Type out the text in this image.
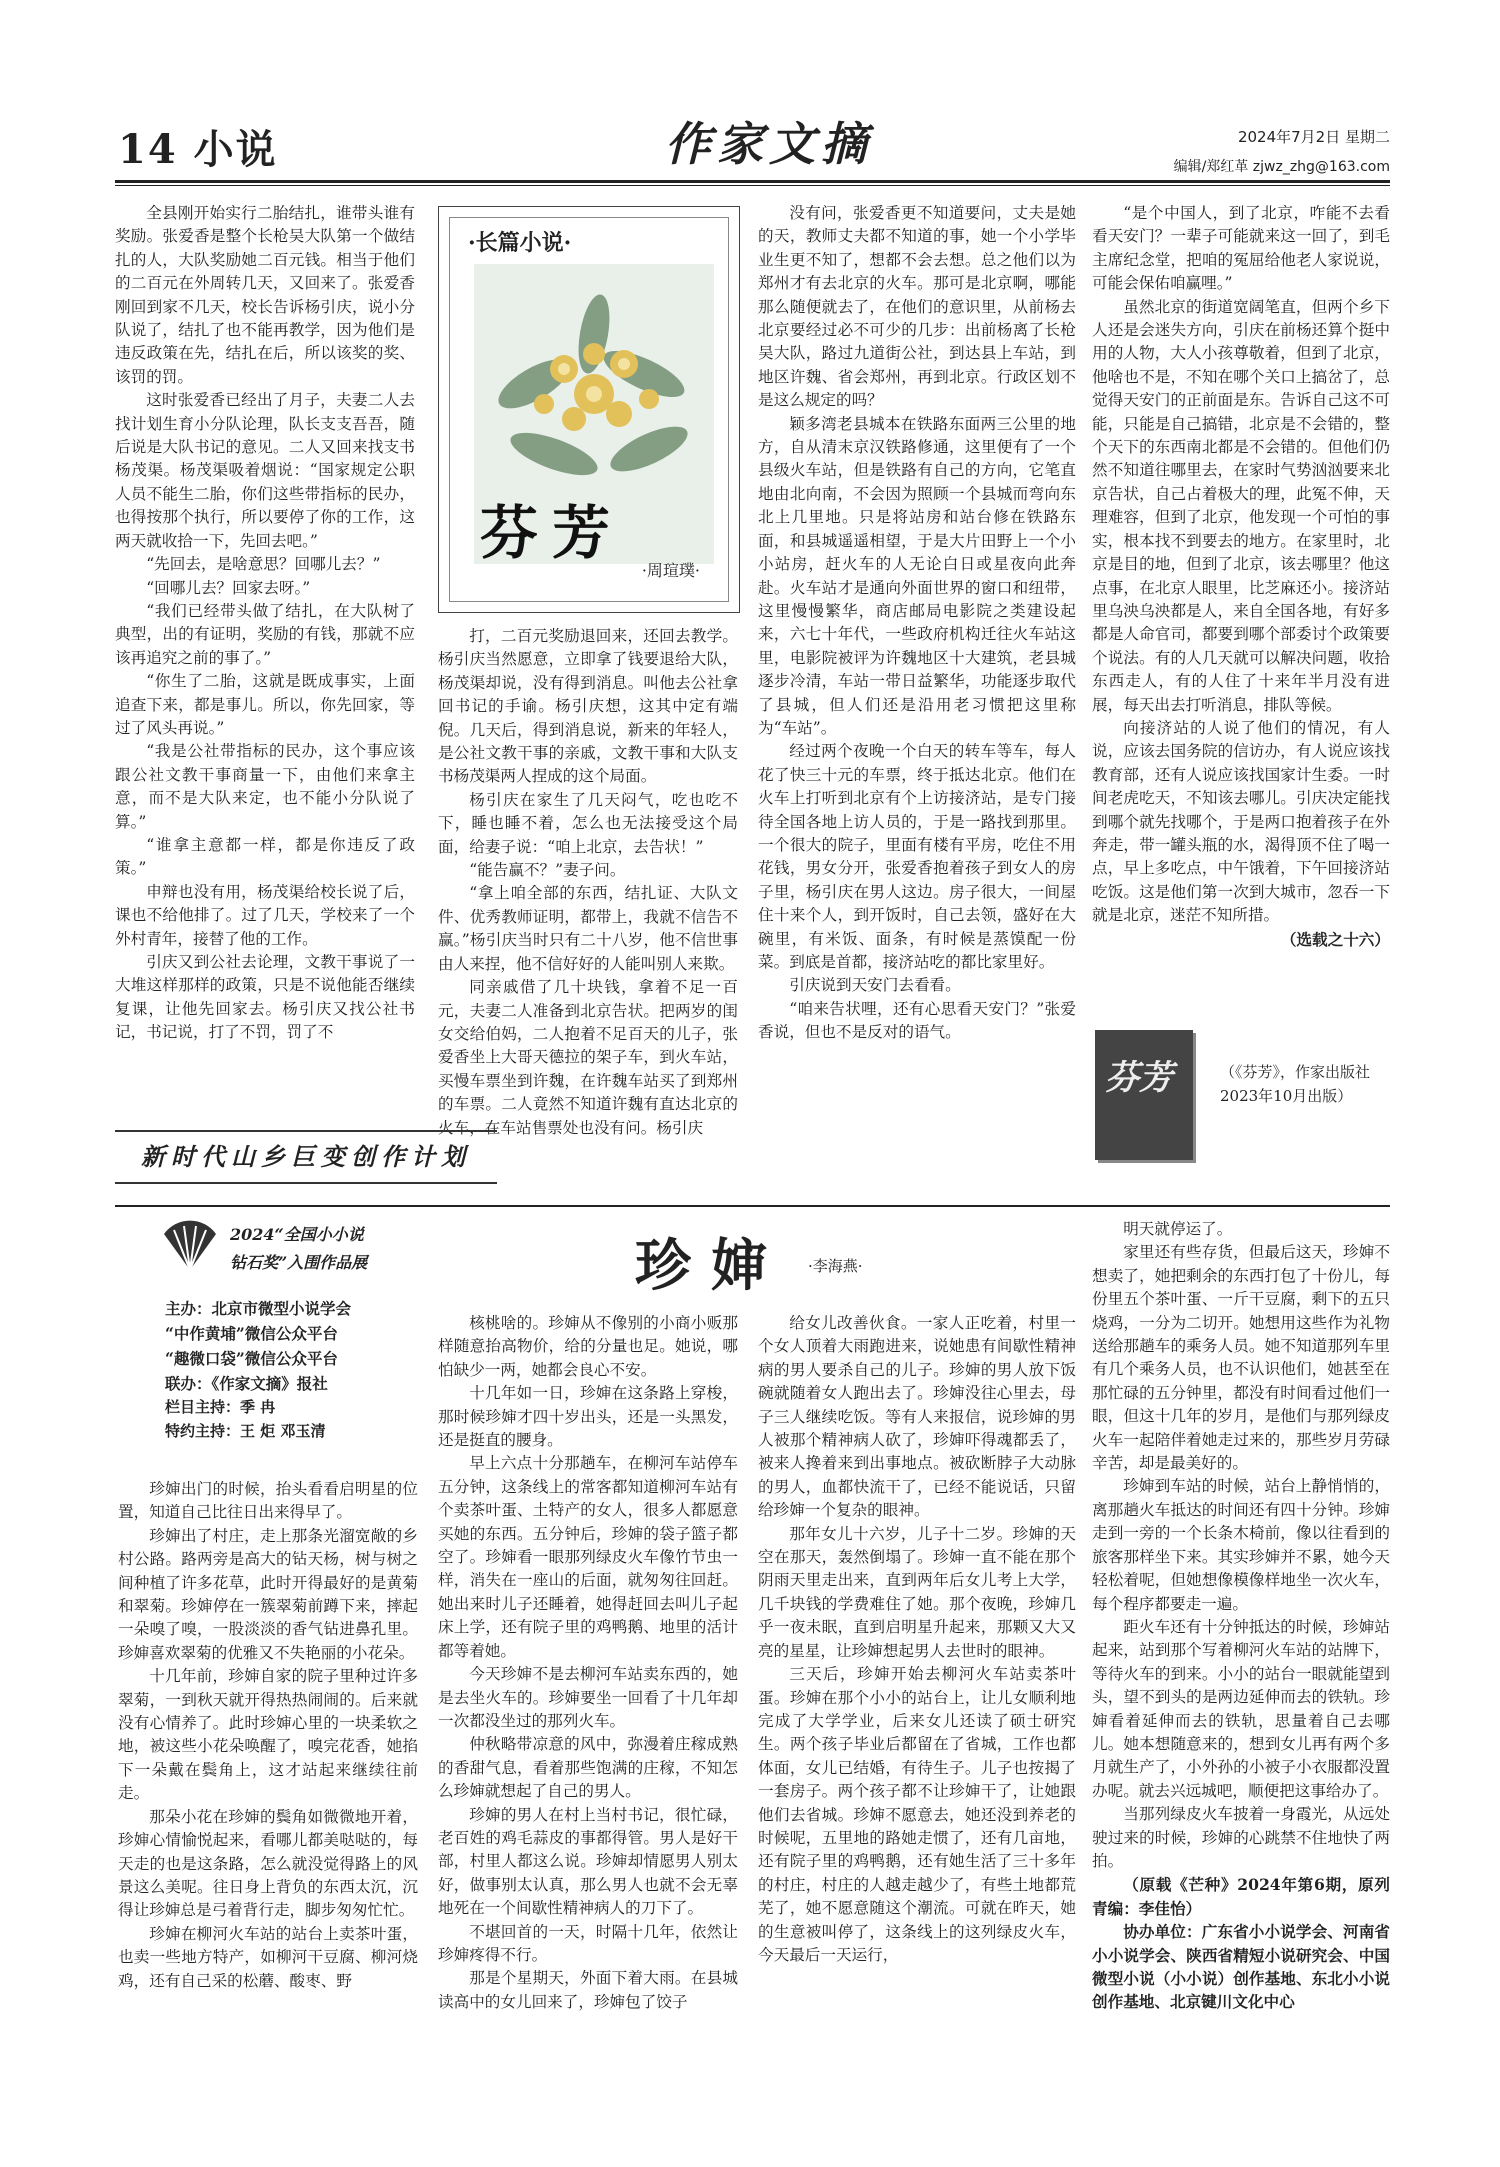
14 小说	作家文摘	2024年7月2日 星期二
编辑/郑红革 zjwz_zhg@163.com

全县刚开始实行二胎结扎，谁带头谁有奖励。张爱香是整个长枪吴大队第一个做结扎的人，大队奖励她二百元钱。相当于他们的二百元在外周转几天，又回来了。张爱香刚回到家不几天，校长告诉杨引庆，说小分队说了，结扎了也不能再教学，因为他们是违反政策在先，结扎在后，所以该奖的奖、该罚的罚。

这时张爱香已经出了月子，夫妻二人去找计划生育小分队论理，队长支支吾吾，随后说是大队书记的意见。二人又回来找支书杨茂渠。杨茂渠吸着烟说：“国家规定公职人员不能生二胎，你们这些带指标的民办，也得按那个执行，所以要停了你的工作，这两天就收拾一下，先回去吧。”

“先回去，是啥意思？回哪儿去？”

“回哪儿去？回家去呀。”

“我们已经带头做了结扎，在大队树了典型，出的有证明，奖励的有钱，那就不应该再追究之前的事了。”

“你生了二胎，这就是既成事实，上面追查下来，都是事儿。所以，你先回家，等过了风头再说。”

“我是公社带指标的民办，这个事应该跟公社文教干事商量一下，由他们来拿主意，而不是大队来定，也不能小分队说了算。”

“谁拿主意都一样，都是你违反了政策。”

申辩也没有用，杨茂渠给校长说了后，课也不给他排了。过了几天，学校来了一个外村青年，接替了他的工作。

引庆又到公社去论理，文教干事说了一大堆这样那样的政策，只是不说他能否继续复课，让他先回家去。杨引庆又找公社书记，书记说，打了不罚，罚了不

·长篇小说·
芬芳
·周瑄璞·

打，二百元奖励退回来，还回去教学。杨引庆当然愿意，立即拿了钱要退给大队，杨茂渠却说，没有得到消息。叫他去公社拿回书记的手谕。杨引庆想，这其中定有端倪。几天后，得到消息说，新来的年轻人，是公社文教干事的亲戚，文教干事和大队支书杨茂渠两人捏成的这个局面。

杨引庆在家生了几天闷气，吃也吃不下，睡也睡不着，怎么也无法接受这个局面，给妻子说：“咱上北京，去告状！”

“能告赢不？”妻子问。

“拿上咱全部的东西，结扎证、大队文件、优秀教师证明，都带上，我就不信告不赢。”杨引庆当时只有二十八岁，他不信世事由人来捏，他不信好好的人能叫别人来欺。

同亲戚借了几十块钱，拿着不足一百元，夫妻二人准备到北京告状。把两岁的闺女交给伯妈，二人抱着不足百天的儿子，张爱香坐上大哥天德拉的架子车，到火车站，买慢车票坐到许魏，在许魏车站买了到郑州的车票。二人竟然不知道许魏有直达北京的火车，在车站售票处也没有问。杨引庆

没有问，张爱香更不知道要问，丈夫是她的天，教师丈夫都不知道的事，她一个小学毕业生更不知了，想都不会去想。总之他们以为郑州才有去北京的火车。那可是北京啊，哪能那么随便就去了，在他们的意识里，从前杨去北京要经过必不可少的几步：出前杨离了长枪吴大队，路过九道街公社，到达县上车站，到地区许魏、省会郑州，再到北京。行政区划不是这么规定的吗？

颖多湾老县城本在铁路东面两三公里的地方，自从清末京汉铁路修通，这里便有了一个县级火车站，但是铁路有自己的方向，它笔直地由北向南，不会因为照顾一个县城而弯向东北上几里地。只是将站房和站台修在铁路东面，和县城遥遥相望，于是大片田野上一个小小站房，赶火车的人无论白日或星夜向此奔赴。火车站才是通向外面世界的窗口和纽带，这里慢慢繁华，商店邮局电影院之类建设起来，六七十年代，一些政府机构迁往火车站这里，电影院被评为许魏地区十大建筑，老县城逐步冷清，车站一带日益繁华，功能逐步取代了县城，但人们还是沿用老习惯把这里称为“车站”。

经过两个夜晚一个白天的转车等车，每人花了快三十元的车票，终于抵达北京。他们在火车上打听到北京有个上访接济站，是专门接待全国各地上访人员的，于是一路找到那里。一个很大的院子，里面有楼有平房，吃住不用花钱，男女分开，张爱香抱着孩子到女人的房子里，杨引庆在男人这边。房子很大，一间屋住十来个人，到开饭时，自己去领，盛好在大碗里，有米饭、面条，有时候是蒸馍配一份菜。到底是首都，接济站吃的都比家里好。

引庆说到天安门去看看。

“咱来告状哩，还有心思看天安门？”张爱香说，但也不是反对的语气。

“是个中国人，到了北京，咋能不去看看天安门？一辈子可能就来这一回了，到毛主席纪念堂，把咱的冤屈给他老人家说说，可能会保佑咱赢哩。”

虽然北京的街道宽阔笔直，但两个乡下人还是会迷失方向，引庆在前杨还算个挺中用的人物，大人小孩尊敬着，但到了北京，他啥也不是，不知在哪个关口上搞岔了，总觉得天安门的正前面是东。告诉自己这不可能，只能是自己搞错，北京是不会错的，整个天下的东西南北都是不会错的。但他们仍然不知道往哪里去，在家时气势汹汹要来北京告状，自己占着极大的理，此冤不伸，天理难容，但到了北京，他发现一个可怕的事实，根本找不到要去的地方。在家里时，北京是目的地，但到了北京，该去哪里？他这点事，在北京人眼里，比芝麻还小。接济站里乌泱乌泱都是人，来自全国各地，有好多都是人命官司，都要到哪个部委讨个政策要个说法。有的人几天就可以解决问题，收拾东西走人，有的人住了十来年半月没有进展，每天出去打听消息，排队等候。

向接济站的人说了他们的情况，有人说，应该去国务院的信访办，有人说应该找教育部，还有人说应该找国家计生委。一时间老虎吃天，不知该去哪儿。引庆决定能找到哪个就先找哪个，于是两口抱着孩子在外奔走，带一罐头瓶的水，渴得顶不住了喝一点，早上多吃点，中午饿着，下午回接济站吃饭。这是他们第一次到大城市，忽吞一下就是北京，迷茫不知所措。

（选载之十六）

新时代山乡巨变创作计划
芬芳	（《芬芳》，作家出版社2023年10月出版）
2024“全国小小说
钻石奖”入围作品展
主办：北京市微型小说学会
“中作黄埔”微信公众平台
“趣微口袋”微信公众平台
联办：《作家文摘》报社
栏目主持：季 冉
特约主持：王 炬 邓玉清
珍婶 ·李海燕·

珍婶出门的时候，抬头看看启明星的位置，知道自己比往日出来得早了。

珍婶出了村庄，走上那条光溜宽敞的乡村公路。路两旁是高大的钻天杨，树与树之间种植了许多花草，此时开得最好的是黄菊和翠菊。珍婶停在一簇翠菊前蹲下来，摔起一朵嗅了嗅，一股淡淡的香气钻进鼻孔里。珍婶喜欢翠菊的优雅又不失艳丽的小花朵。

十几年前，珍婶自家的院子里种过许多翠菊，一到秋天就开得热热闹闹的。后来就没有心情养了。此时珍婶心里的一块柔软之地，被这些小花朵唤醒了，嗅完花香，她掐下一朵戴在鬓角上，这才站起来继续往前走。

那朵小花在珍婶的鬓角如微微地开着，珍婶心情愉悦起来，看哪儿都美哒哒的，每天走的也是这条路，怎么就没觉得路上的风景这么美呢。往日身上背负的东西太沉，沉得让珍婶总是弓着背行走，脚步匆匆忙忙。

珍婶在柳河火车站的站台上卖茶叶蛋，也卖一些地方特产，如柳河干豆腐、柳河烧鸡，还有自己采的松蘑、酸枣、野

核桃啥的。珍婶从不像别的小商小贩那样随意抬高物价，给的分量也足。她说，哪怕缺少一两，她都会良心不安。

十几年如一日，珍婶在这条路上穿梭，那时候珍婶才四十岁出头，还是一头黑发，还是挺直的腰身。

早上六点十分那趟车，在柳河车站停车五分钟，这条线上的常客都知道柳河车站有个卖茶叶蛋、土特产的女人，很多人都愿意买她的东西。五分钟后，珍婶的袋子篮子都空了。珍婶看一眼那列绿皮火车像竹节虫一样，消失在一座山的后面，就匆匆往回赶。她出来时儿子还睡着，她得赶回去叫儿子起床上学，还有院子里的鸡鸭鹅、地里的活计都等着她。

今天珍婶不是去柳河车站卖东西的，她是去坐火车的。珍婶要坐一回看了十几年却一次都没坐过的那列火车。

仲秋略带凉意的风中，弥漫着庄稼成熟的香甜气息，看着那些饱满的庄稼，不知怎么珍婶就想起了自己的男人。

珍婶的男人在村上当村书记，很忙碌，老百姓的鸡毛蒜皮的事都得管。男人是好干部，村里人都这么说。珍婶却情愿男人别太好，做事别太认真，那么男人也就不会无辜地死在一个间歇性精神病人的刀下了。

不堪回首的一天，时隔十几年，依然让珍婶疼得不行。

那是个星期天，外面下着大雨。在县城读高中的女儿回来了，珍婶包了饺子

给女儿改善伙食。一家人正吃着，村里一个女人顶着大雨跑进来，说她患有间歇性精神病的男人要杀自己的儿子。珍婶的男人放下饭碗就随着女人跑出去了。珍婶没往心里去，母子三人继续吃饭。等有人来报信，说珍婶的男人被那个精神病人砍了，珍婶吓得魂都丢了，被来人搀着来到出事地点。被砍断脖子大动脉的男人，血都快流干了，已经不能说话，只留给珍婶一个复杂的眼神。

那年女儿十六岁，儿子十二岁。珍婶的天空在那天，轰然倒塌了。珍婶一直不能在那个阴雨天里走出来，直到两年后女儿考上大学，几千块钱的学费难住了她。那个夜晚，珍婶几乎一夜未眠，直到启明星升起来，那颗又大又亮的星星，让珍婶想起男人去世时的眼神。

三天后，珍婶开始去柳河火车站卖茶叶蛋。珍婶在那个小小的站台上，让儿女顺利地完成了大学学业，后来女儿还读了硕士研究生。两个孩子毕业后都留在了省城，工作也都体面，女儿已结婚，有待生子。儿子也按揭了一套房子。两个孩子都不让珍婶干了，让她跟他们去省城。珍婶不愿意去，她还没到养老的时候呢，五里地的路她走惯了，还有几亩地，还有院子里的鸡鸭鹅，还有她生活了三十多年的村庄，村庄的人越走越少了，有些土地都荒芜了，她不愿意随这个潮流。可就在昨天，她的生意被叫停了，这条线上的这列绿皮火车，今天最后一天运行，

明天就停运了。

家里还有些存货，但最后这天，珍婶不想卖了，她把剩余的东西打包了十份儿，每份里五个茶叶蛋、一斤干豆腐，剩下的五只烧鸡，一分为二切开。她想用这些作为礼物送给那趟车的乘务人员。她不知道那列车里有几个乘务人员，也不认识他们，她甚至在那忙碌的五分钟里，都没有时间看过他们一眼，但这十几年的岁月，是他们与那列绿皮火车一起陪伴着她走过来的，那些岁月劳碌辛苦，却是最美好的。

珍婶到车站的时候，站台上静悄悄的，离那趟火车抵达的时间还有四十分钟。珍婶走到一旁的一个长条木椅前，像以往看到的旅客那样坐下来。其实珍婶并不累，她今天轻松着呢，但她想像模像样地坐一次火车，每个程序都要走一遍。

距火车还有十分钟抵达的时候，珍婶站起来，站到那个写着柳河火车站的站牌下，等待火车的到来。小小的站台一眼就能望到头，望不到头的是两边延伸而去的铁轨。珍婶看着延伸而去的铁轨，思量着自己去哪儿。她本想随意来的，想到女儿再有两个多月就生产了，小外孙的小被子小衣服都没置办呢。就去兴远城吧，顺便把这事给办了。

当那列绿皮火车披着一身霞光，从远处驶过来的时候，珍婶的心跳禁不住地快了两拍。

（原载《芒种》2024年第6期，原列青编：李佳怡）

协办单位：广东省小小说学会、河南省小小说学会、陕西省精短小说研究会、中国微型小说（小小说）创作基地、东北小小说创作基地、北京键川文化中心
